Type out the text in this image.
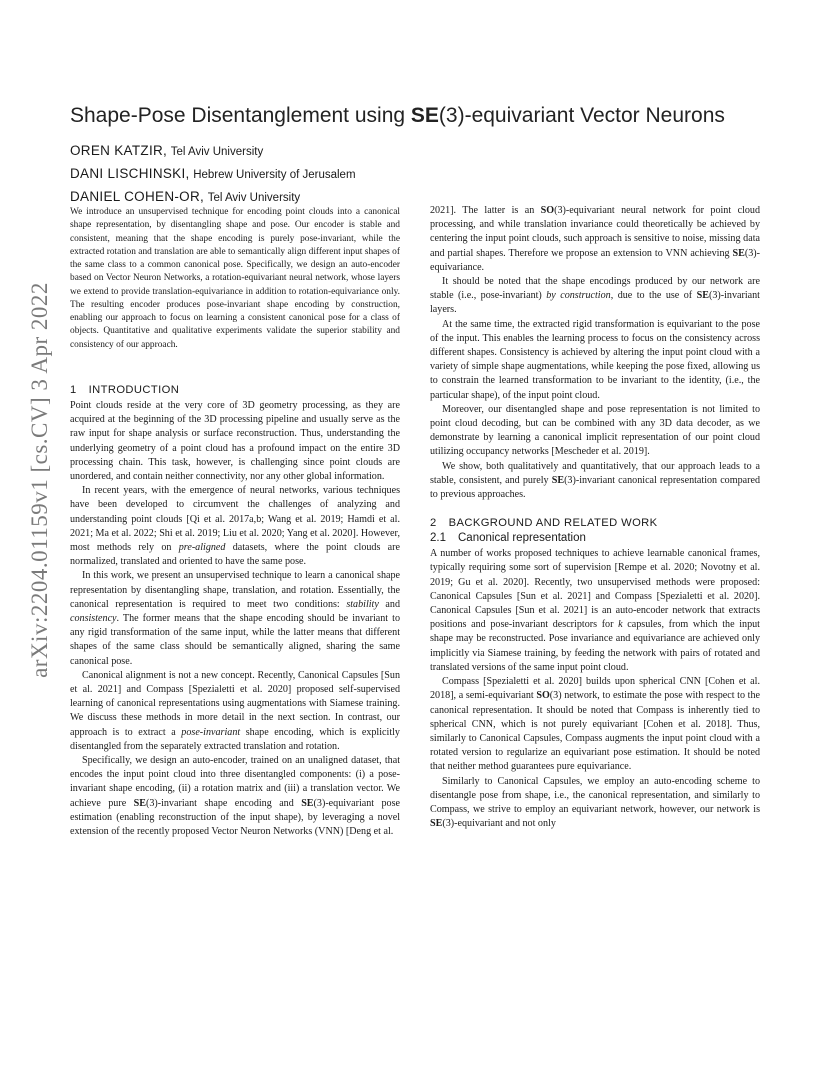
arXiv:2204.01159v1 [cs.CV] 3 Apr 2022
Shape-Pose Disentanglement using SE(3)-equivariant Vector Neurons
OREN KATZIR, Tel Aviv University
DANI LISCHINSKI, Hebrew University of Jerusalem
DANIEL COHEN-OR, Tel Aviv University

We introduce an unsupervised technique for encoding point clouds into a canonical shape representation, by disentangling shape and pose. Our encoder is stable and consistent, meaning that the shape encoding is purely pose-invariant, while the extracted rotation and translation are able to semantically align different input shapes of the same class to a common canonical pose. Specifically, we design an auto-encoder based on Vector Neuron Networks, a rotation-equivariant neural network, whose layers we extend to provide translation-equivariance in addition to rotation-equivariance only. The resulting encoder produces pose-invariant shape encoding by construction, enabling our approach to focus on learning a consistent canonical pose for a class of objects. Quantitative and qualitative experiments validate the superior stability and consistency of our approach.

1 INTRODUCTION

Point clouds reside at the very core of 3D geometry processing, as they are acquired at the beginning of the 3D processing pipeline and usually serve as the raw input for shape analysis or surface reconstruction. Thus, understanding the underlying geometry of a point cloud has a profound impact on the entire 3D processing chain. This task, however, is challenging since point clouds are unordered, and contain neither connectivity, nor any other global information.

In recent years, with the emergence of neural networks, various techniques have been developed to circumvent the challenges of analyzing and understanding point clouds [Qi et al. 2017a,b; Wang et al. 2019; Hamdi et al. 2021; Ma et al. 2022; Shi et al. 2019; Liu et al. 2020; Yang et al. 2020]. However, most methods rely on pre-aligned datasets, where the point clouds are normalized, translated and oriented to have the same pose.

In this work, we present an unsupervised technique to learn a canonical shape representation by disentangling shape, translation, and rotation. Essentially, the canonical representation is required to meet two conditions: stability and consistency. The former means that the shape encoding should be invariant to any rigid transformation of the same input, while the latter means that different shapes of the same class should be semantically aligned, sharing the same canonical pose.

Canonical alignment is not a new concept. Recently, Canonical Capsules [Sun et al. 2021] and Compass [Spezialetti et al. 2020] proposed self-supervised learning of canonical representations using augmentations with Siamese training. We discuss these methods in more detail in the next section. In contrast, our approach is to extract a pose-invariant shape encoding, which is explicitly disentangled from the separately extracted translation and rotation.

Specifically, we design an auto-encoder, trained on an unaligned dataset, that encodes the input point cloud into three disentangled components: (i) a pose-invariant shape encoding, (ii) a rotation matrix and (iii) a translation vector. We achieve pure SE(3)-invariant shape encoding and SE(3)-equivariant pose estimation (enabling reconstruction of the input shape), by leveraging a novel extension of the recently proposed Vector Neuron Networks (VNN) [Deng et al.

2021]. The latter is an SO(3)-equivariant neural network for point cloud processing, and while translation invariance could theoretically be achieved by centering the input point clouds, such approach is sensitive to noise, missing data and partial shapes. Therefore we propose an extension to VNN achieving SE(3)-equivariance.

It should be noted that the shape encodings produced by our network are stable (i.e., pose-invariant) by construction, due to the use of SE(3)-invariant layers.

At the same time, the extracted rigid transformation is equivariant to the pose of the input. This enables the learning process to focus on the consistency across different shapes. Consistency is achieved by altering the input point cloud with a variety of simple shape augmentations, while keeping the pose fixed, allowing us to constrain the learned transformation to be invariant to the identity, (i.e., the particular shape), of the input point cloud.

Moreover, our disentangled shape and pose representation is not limited to point cloud decoding, but can be combined with any 3D data decoder, as we demonstrate by learning a canonical implicit representation of our point cloud utilizing occupancy networks [Mescheder et al. 2019].

We show, both qualitatively and quantitatively, that our approach leads to a stable, consistent, and purely SE(3)-invariant canonical representation compared to previous approaches.

2 BACKGROUND AND RELATED WORK
2.1 Canonical representation

A number of works proposed techniques to achieve learnable canonical frames, typically requiring some sort of supervision [Rempe et al. 2020; Novotny et al. 2019; Gu et al. 2020]. Recently, two unsupervised methods were proposed: Canonical Capsules [Sun et al. 2021] and Compass [Spezialetti et al. 2020]. Canonical Capsules [Sun et al. 2021] is an auto-encoder network that extracts positions and pose-invariant descriptors for k capsules, from which the input shape may be reconstructed. Pose invariance and equivariance are achieved only implicitly via Siamese training, by feeding the network with pairs of rotated and translated versions of the same input point cloud.

Compass [Spezialetti et al. 2020] builds upon spherical CNN [Cohen et al. 2018], a semi-equivariant SO(3) network, to estimate the pose with respect to the canonical representation. It should be noted that Compass is inherently tied to spherical CNN, which is not purely equivariant [Cohen et al. 2018]. Thus, similarly to Canonical Capsules, Compass augments the input point cloud with a rotated version to regularize an equivariant pose estimation. It should be noted that neither method guarantees pure equivariance.

Similarly to Canonical Capsules, we employ an auto-encoding scheme to disentangle pose from shape, i.e., the canonical representation, and similarly to Compass, we strive to employ an equivariant network, however, our network is SE(3)-equivariant and not only
